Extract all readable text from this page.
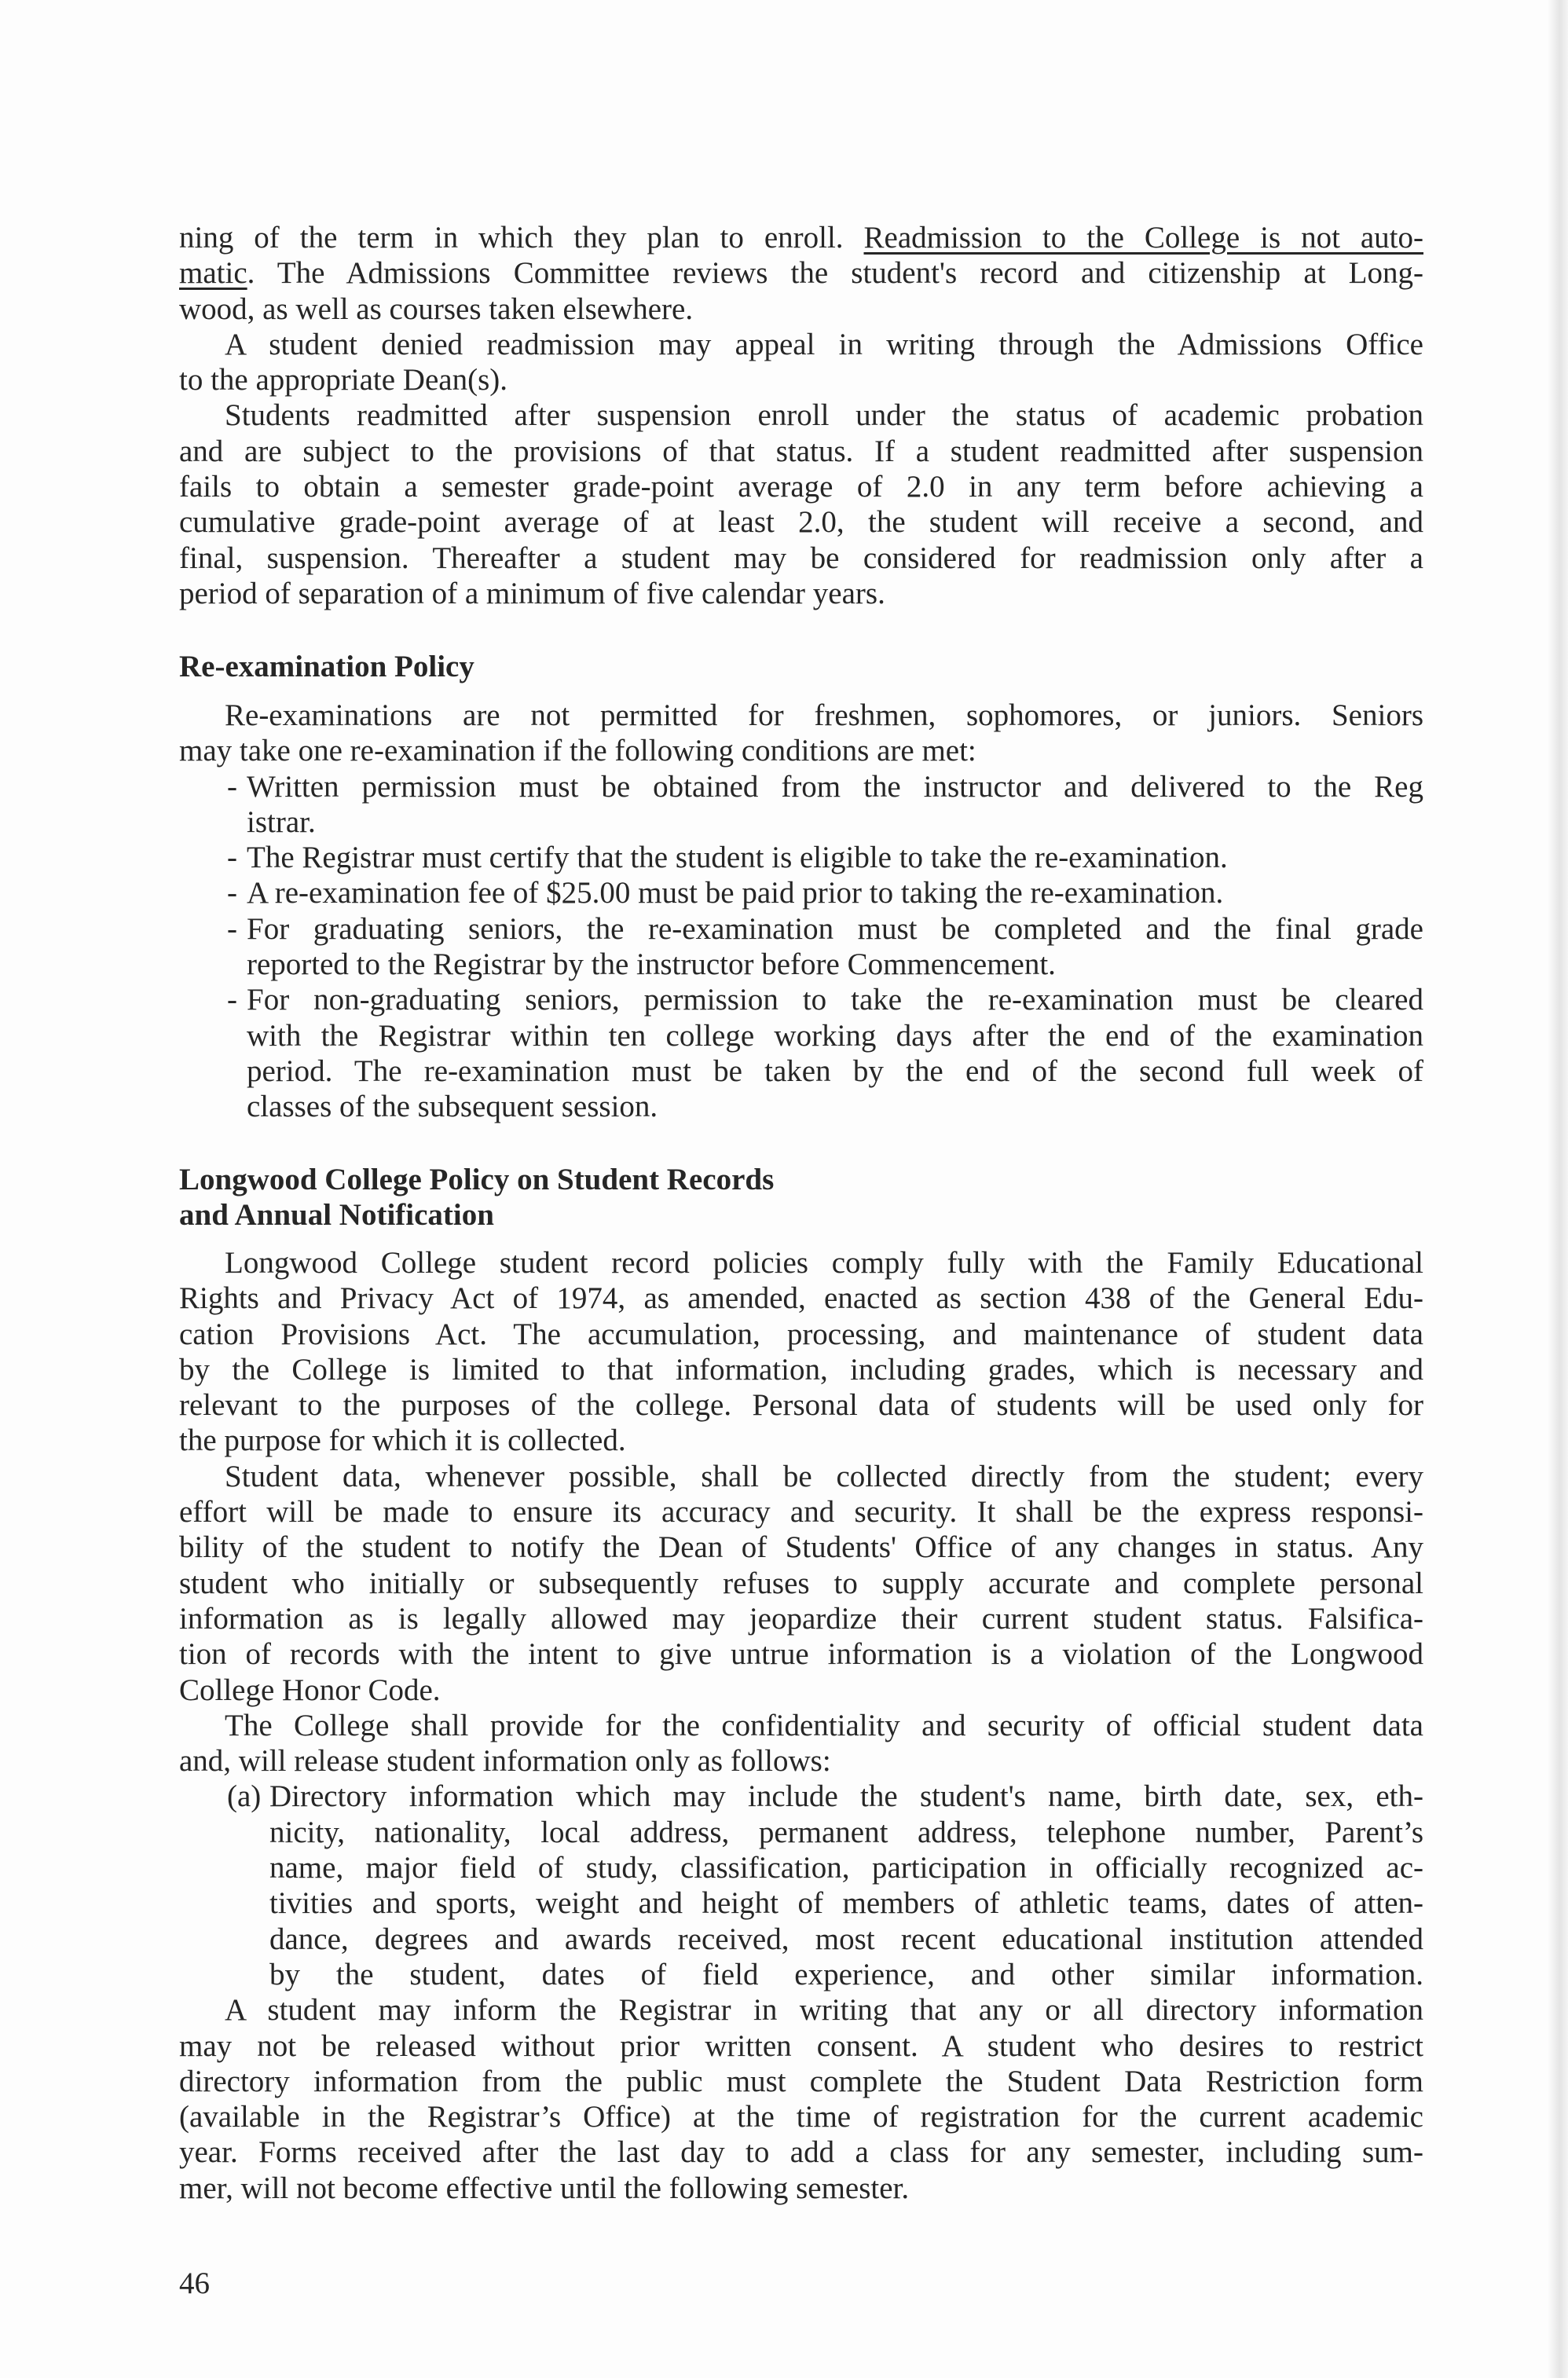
ning of the term in which they plan to enroll. Readmission to the College is not auto-
matic. The Admissions Committee reviews the student's record and citizenship at Long-
wood, as well as courses taken elsewhere.
A student denied readmission may appeal in writing through the Admissions Office
to the appropriate Dean(s).
Students readmitted after suspension enroll under the status of academic probation
and are subject to the provisions of that status. If a student readmitted after suspension
fails to obtain a semester grade-point average of 2.0 in any term before achieving a
cumulative grade-point average of at least 2.0, the student will receive a second, and
final, suspension. Thereafter a student may be considered for readmission only after a
period of separation of a minimum of five calendar years.
Re-examination Policy
Re-examinations are not permitted for freshmen, sophomores, or juniors. Seniors
may take one re-examination if the following conditions are met:
- Written permission must be obtained from the instructor and delivered to the Reg
istrar.
- The Registrar must certify that the student is eligible to take the re-examination.
- A re-examination fee of $25.00 must be paid prior to taking the re-examination.
- For graduating seniors, the re-examination must be completed and the final grade
reported to the Registrar by the instructor before Commencement.
- For non-graduating seniors, permission to take the re-examination must be cleared
with the Registrar within ten college working days after the end of the examination
period. The re-examination must be taken by the end of the second full week of
classes of the subsequent session.
Longwood College Policy on Student Records
and Annual Notification
Longwood College student record policies comply fully with the Family Educational
Rights and Privacy Act of 1974, as amended, enacted as section 438 of the General Edu-
cation Provisions Act. The accumulation, processing, and maintenance of student data
by the College is limited to that information, including grades, which is necessary and
relevant to the purposes of the college. Personal data of students will be used only for
the purpose for which it is collected.
Student data, whenever possible, shall be collected directly from the student; every
effort will be made to ensure its accuracy and security. It shall be the express responsi-
bility of the student to notify the Dean of Students' Office of any changes in status. Any
student who initially or subsequently refuses to supply accurate and complete personal
information as is legally allowed may jeopardize their current student status. Falsifica-
tion of records with the intent to give untrue information is a violation of the Longwood
College Honor Code.
The College shall provide for the confidentiality and security of official student data
and, will release student information only as follows:
(a) Directory information which may include the student's name, birth date, sex, eth-
nicity, nationality, local address, permanent address, telephone number, Parent’s
name, major field of study, classification, participation in officially recognized ac-
tivities and sports, weight and height of members of athletic teams, dates of atten-
dance, degrees and awards received, most recent educational institution attended
by the student, dates of field experience, and other similar information.
A student may inform the Registrar in writing that any or all directory information
may not be released without prior written consent. A student who desires to restrict
directory information from the public must complete the Student Data Restriction form
(available in the Registrar’s Office) at the time of registration for the current academic
year. Forms received after the last day to add a class for any semester, including sum-
mer, will not become effective until the following semester.
46
